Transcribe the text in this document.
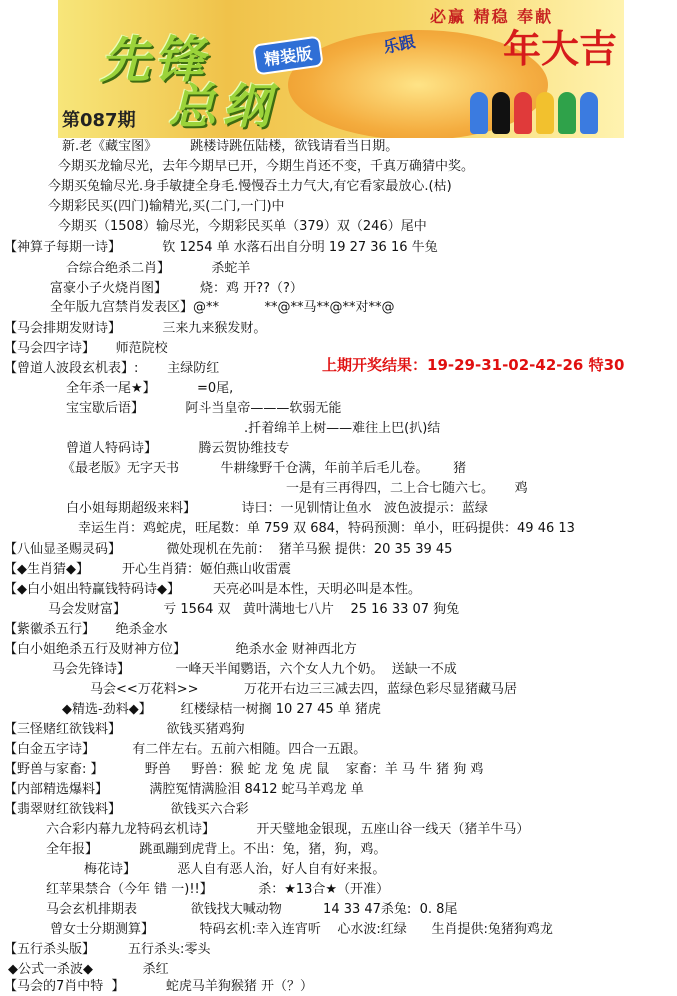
先锋
总纲
精装版	乐跟
必赢 精稳 奉献
年大吉
第087期
新.老《藏宝图》        跳楼诗跳伍陆楼，欲钱请看当日期。
今期买龙输尽光，去年今期早已开，今期生肖还不变，千真万确猜中奖。
今期买兔输尽光.身手敏捷全身毛.慢慢吞土力气大,有它看家最放心.(枯)
今期彩民买(四门)输精光,买(二门,一门)中
今期买（1508）输尽光，今期彩民买单（379）双（246）尾中
【神算子每期一诗】          钦 1254 单 水落石出自分明 19 27 36 16 牛兔
合综合绝杀二肖】          杀蛇羊
富豪小子火烧肖图】        烧：鸡 开??（?）
全年版九宫禁肖发表区】@**           **@**马**@**对**@
【马会排期发财诗】          三来九来猴发财。
【马会四字诗】     师范院校
【曾道人波段玄机表】:       主绿防红
全年杀一尾★】          =0尾,
宝宝歇后语】          阿斗当皇帝———软弱无能
.扦着绵羊上树——难往上巴(扒)结
曾道人特码诗】          腾云贺协维技专
《最老版》无字天书          牛耕缘野千仓满，年前羊后毛儿卷。      猪
一是有三再得四，二上合七随六七。     鸡
白小姐每期超级来料】           诗曰：一见钏情让鱼水   波色波提示：蓝绿
幸运生肖：鸡蛇虎，旺尾数：单 759 双 684，特码预测：单小，旺码提供：49 46 13
【八仙显圣赐灵码】           微处现机在先前：  猪羊马猴 提供：20 35 39 45
【◆生肖猜◆】        开心生肖猜：姬伯燕山收雷震
【◆白小姐出特赢钱特码诗◆】        天亮必叫是本性，天明必叫是本性。
马会发财富】         亏 1564 双   黄叶满地七八片    25 16 33 07 狗兔
【紫徽杀五行】     绝杀金水
【白小姐绝杀五行及财神方位】            绝杀水金 财神西北方
马会先锋诗】           一峰天半闻鹦语，六个女人九个奶。  送缺一不成
马会<<万花料>>           万花开右边三三减去四，蓝绿色彩尽显猪藏马居
◆精选-劲料◆】       红楼绿桔一树搁 10 27 45 单 猪虎
【三怪赌红欲钱料】           欲钱买猪鸡狗
【白金五字诗】         有二伴左右。五前六相随。四合一五跟。
【野兽与家畜: 】          野兽     野兽：猴 蛇 龙 兔 虎 鼠    家畜：羊 马 牛 猪 狗 鸡
【内部精选爆料】          满腔冤情满脸泪 8412 蛇马羊鸡龙 单
【翡翠财红欲钱料】            欲钱买六合彩
六合彩内幕九龙特码玄机诗】          开天璧地金银现，五座山谷一线天（猪羊牛马）
全年报】          跳虱蹦到虎背上。不出：兔，猪，狗，鸡。
梅花诗】          恶人自有恶人治，好人自有好来报。
红苹果禁合（今年 错 一)!!】           杀：★13合★（开准）
马会玄机排期表             欲钱找大喊动物          14 33 47杀兔:  0. 8尾
曾女士分期测算】           特码玄机:幸入连宵听    心水波:红绿      生肖提供:兔猪狗鸡龙
【五行杀头版】        五行杀头:零头
◆公式一杀波◆            杀红
【马会的7肖中特  】          蛇虎马羊狗猴猪 开（？）
上期开奖结果：19-29-31-02-42-26 特30
